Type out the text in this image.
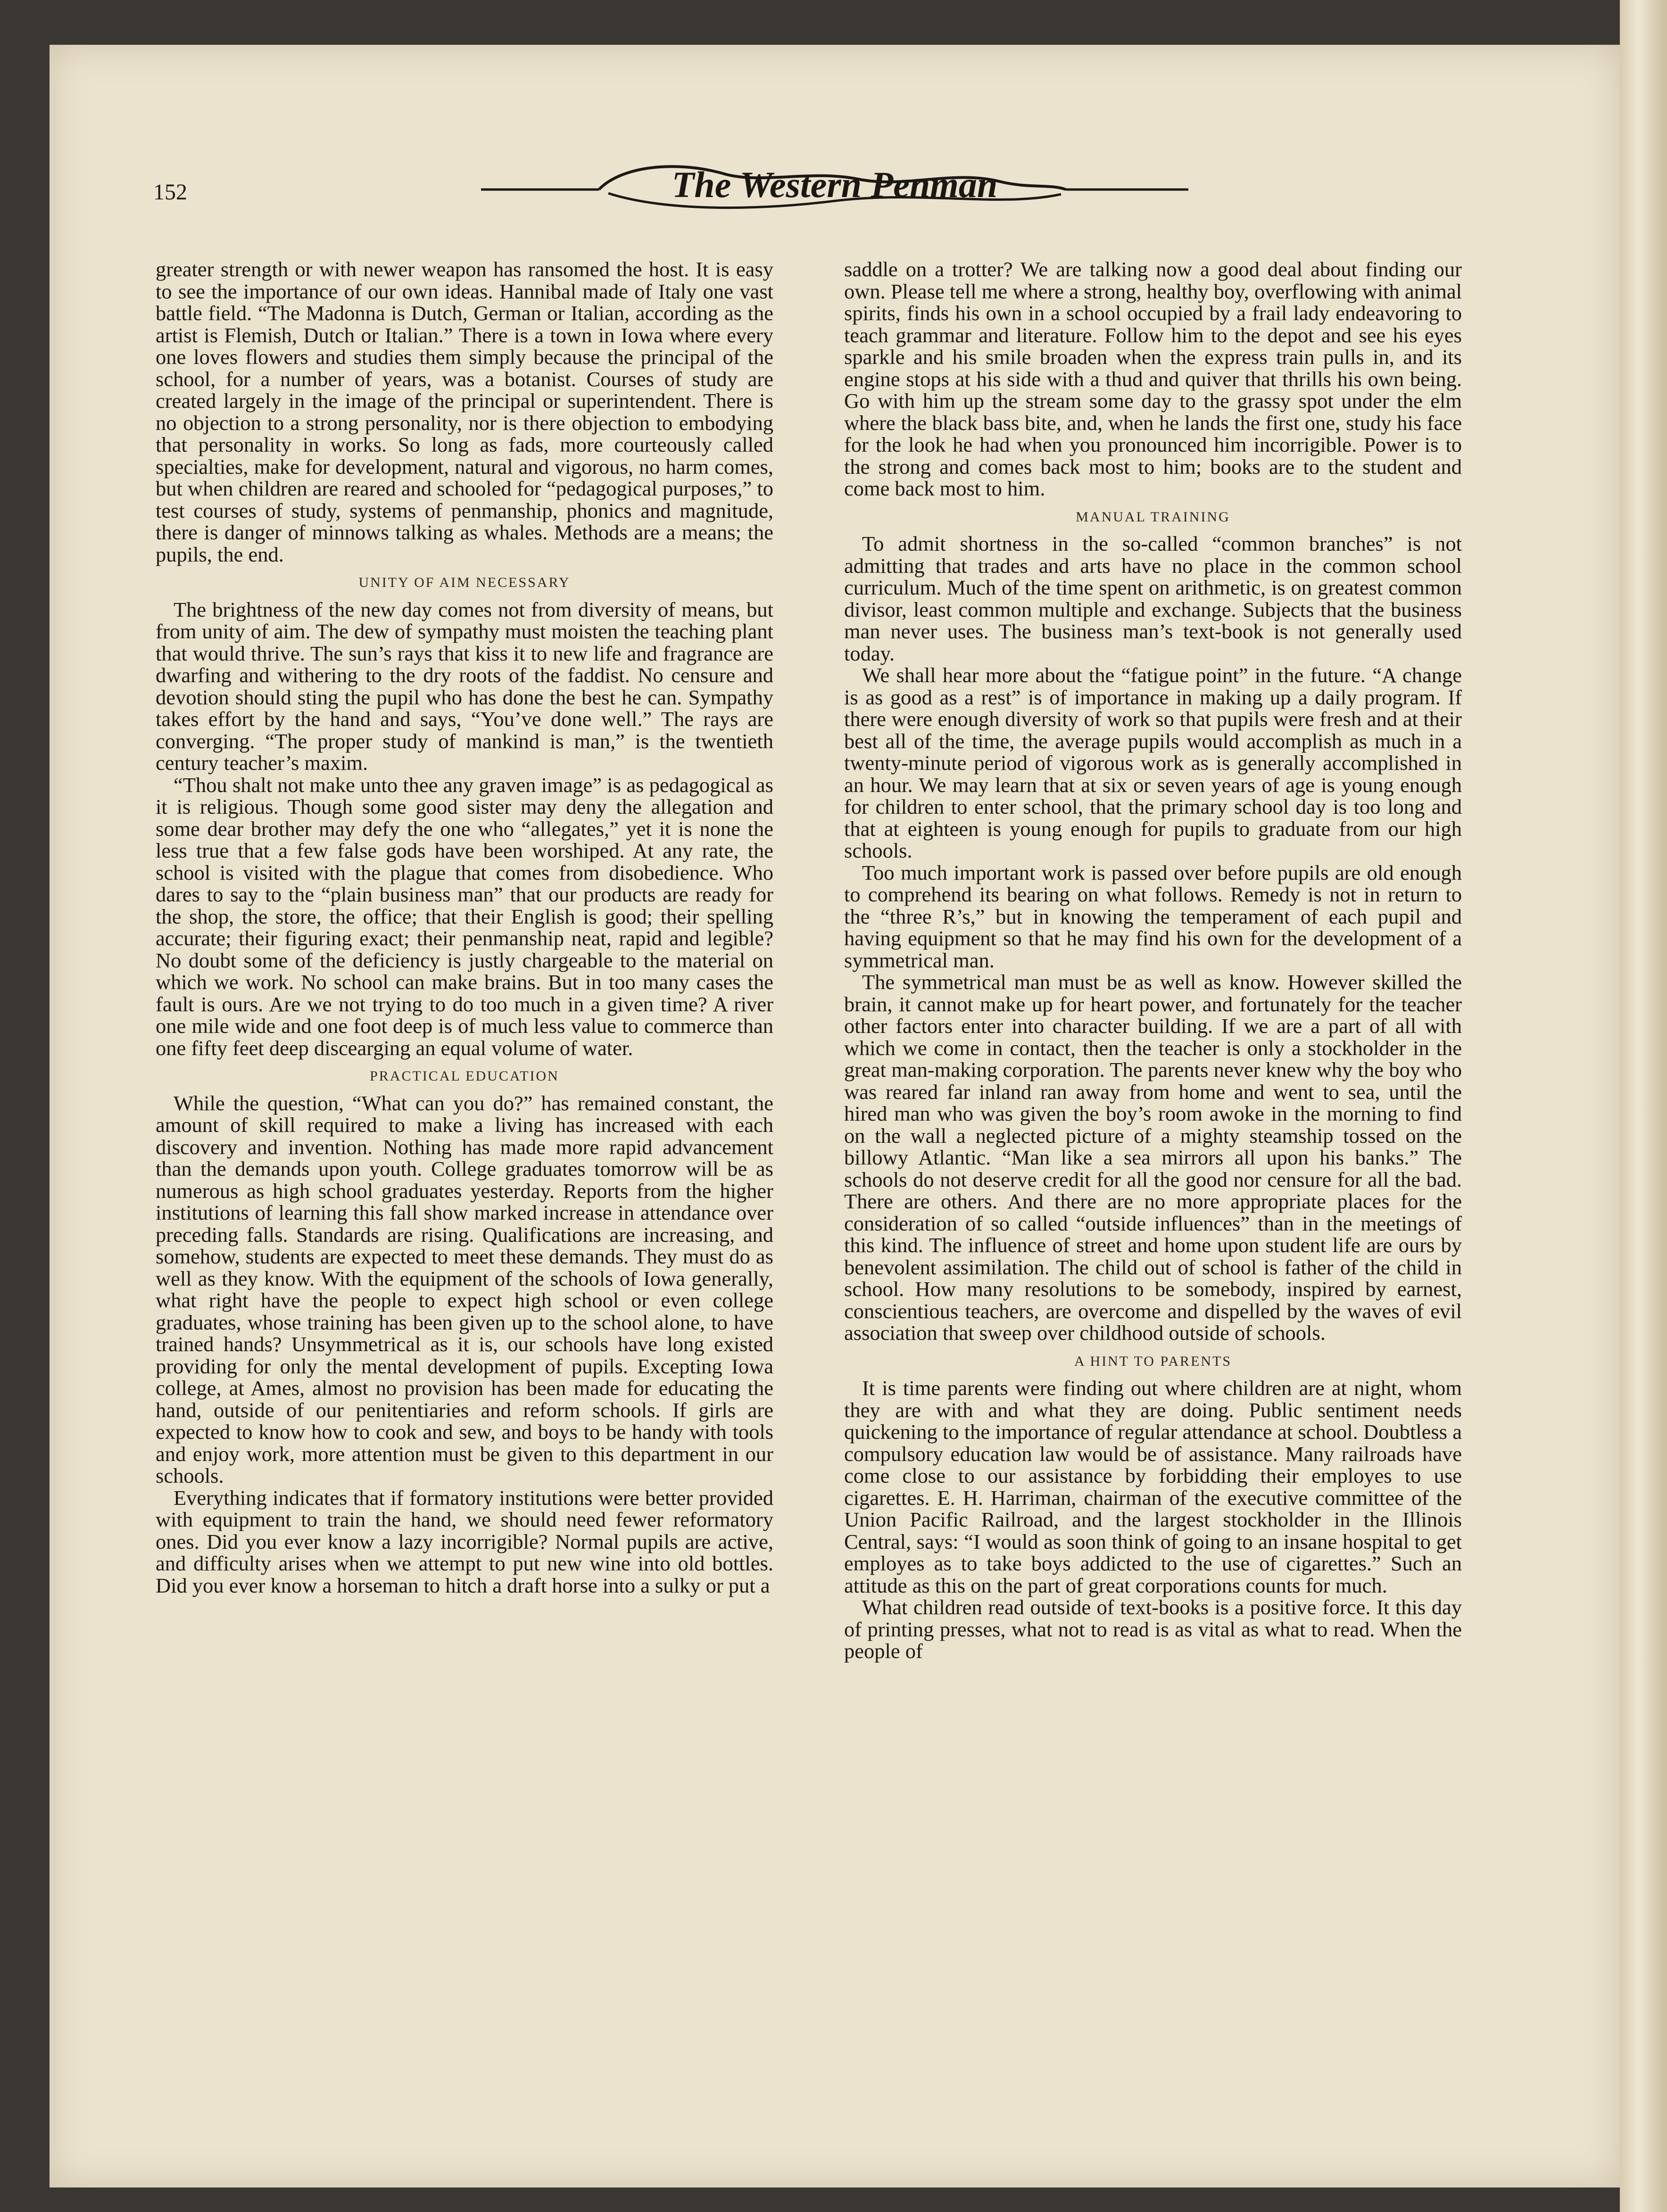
152	The Western Penman

greater strength or with newer weapon has ransomed the host. It is easy to see the importance of our own ideas. Hannibal made of Italy one vast battle field. “The Madonna is Dutch, German or Italian, according as the artist is Flemish, Dutch or Italian.” There is a town in Iowa where every one loves flowers and studies them simply because the principal of the school, for a number of years, was a botanist. Courses of study are created largely in the image of the principal or superintendent. There is no objection to a strong personality, nor is there objection to embodying that personality in works. So long as fads, more courteously called specialties, make for development, natural and vigorous, no harm comes, but when children are reared and schooled for “pedagogical purposes,” to test courses of study, systems of penmanship, phonics and magnitude, there is danger of minnows talking as whales. Methods are a means; the pupils, the end.

UNITY OF AIM NECESSARY

The brightness of the new day comes not from diversity of means, but from unity of aim. The dew of sympathy must moisten the teaching plant that would thrive. The sun’s rays that kiss it to new life and fragrance are dwarfing and withering to the dry roots of the faddist. No censure and devotion should sting the pupil who has done the best he can. Sympathy takes effort by the hand and says, “You’ve done well.” The rays are converging. “The proper study of mankind is man,” is the twentieth century teacher’s maxim.

“Thou shalt not make unto thee any graven image” is as pedagogical as it is religious. Though some good sister may deny the allegation and some dear brother may defy the one who “allegates,” yet it is none the less true that a few false gods have been worshiped. At any rate, the school is visited with the plague that comes from disobedience. Who dares to say to the “plain business man” that our products are ready for the shop, the store, the office; that their English is good; their spelling accurate; their figuring exact; their penmanship neat, rapid and legible? No doubt some of the deficiency is justly chargeable to the material on which we work. No school can make brains. But in too many cases the fault is ours. Are we not trying to do too much in a given time? A river one mile wide and one foot deep is of much less value to commerce than one fifty feet deep discearging an equal volume of water.

PRACTICAL EDUCATION

While the question, “What can you do?” has remained constant, the amount of skill required to make a living has increased with each discovery and invention. Nothing has made more rapid advancement than the demands upon youth. College graduates tomorrow will be as numerous as high school graduates yesterday. Reports from the higher institutions of learning this fall show marked increase in attendance over preceding falls. Standards are rising. Qualifications are increasing, and somehow, students are expected to meet these demands. They must do as well as they know. With the equipment of the schools of Iowa generally, what right have the people to expect high school or even college graduates, whose training has been given up to the school alone, to have trained hands? Unsymmetrical as it is, our schools have long existed providing for only the mental development of pupils. Excepting Iowa college, at Ames, almost no provision has been made for educating the hand, outside of our penitentiaries and reform schools. If girls are expected to know how to cook and sew, and boys to be handy with tools and enjoy work, more attention must be given to this department in our schools.

Everything indicates that if formatory institutions were better provided with equipment to train the hand, we should need fewer reformatory ones. Did you ever know a lazy incorrigible? Normal pupils are active, and difficulty arises when we attempt to put new wine into old bottles. Did you ever know a horseman to hitch a draft horse into a sulky or put a

saddle on a trotter? We are talking now a good deal about finding our own. Please tell me where a strong, healthy boy, overflowing with animal spirits, finds his own in a school occupied by a frail lady endeavoring to teach grammar and literature. Follow him to the depot and see his eyes sparkle and his smile broaden when the express train pulls in, and its engine stops at his side with a thud and quiver that thrills his own being. Go with him up the stream some day to the grassy spot under the elm where the black bass bite, and, when he lands the first one, study his face for the look he had when you pronounced him incorrigible. Power is to the strong and comes back most to him; books are to the student and come back most to him.

MANUAL TRAINING

To admit shortness in the so-called “common branches” is not admitting that trades and arts have no place in the common school curriculum. Much of the time spent on arithmetic, is on greatest common divisor, least common multiple and exchange. Subjects that the business man never uses. The business man’s text-book is not generally used today.

We shall hear more about the “fatigue point” in the future. “A change is as good as a rest” is of importance in making up a daily program. If there were enough diversity of work so that pupils were fresh and at their best all of the time, the average pupils would accomplish as much in a twenty-minute period of vigorous work as is generally accomplished in an hour. We may learn that at six or seven years of age is young enough for children to enter school, that the primary school day is too long and that at eighteen is young enough for pupils to graduate from our high schools.

Too much important work is passed over before pupils are old enough to comprehend its bearing on what follows. Remedy is not in return to the “three R’s,” but in knowing the temperament of each pupil and having equipment so that he may find his own for the development of a symmetrical man.

The symmetrical man must be as well as know. However skilled the brain, it cannot make up for heart power, and fortunately for the teacher other factors enter into character building. If we are a part of all with which we come in contact, then the teacher is only a stockholder in the great man-making corporation. The parents never knew why the boy who was reared far inland ran away from home and went to sea, until the hired man who was given the boy’s room awoke in the morning to find on the wall a neglected picture of a mighty steamship tossed on the billowy Atlantic. “Man like a sea mirrors all upon his banks.” The schools do not deserve credit for all the good nor censure for all the bad. There are others. And there are no more appropriate places for the consideration of so called “outside influences” than in the meetings of this kind. The influence of street and home upon student life are ours by benevolent assimilation. The child out of school is father of the child in school. How many resolutions to be somebody, inspired by earnest, conscientious teachers, are overcome and dispelled by the waves of evil association that sweep over childhood outside of schools.

A HINT TO PARENTS

It is time parents were finding out where children are at night, whom they are with and what they are doing. Public sentiment needs quickening to the importance of regular attendance at school. Doubtless a compulsory education law would be of assistance. Many railroads have come close to our assistance by forbidding their employes to use cigarettes. E. H. Harriman, chairman of the executive committee of the Union Pacific Railroad, and the largest stockholder in the Illinois Central, says: “I would as soon think of going to an insane hospital to get employes as to take boys addicted to the use of cigarettes.” Such an attitude as this on the part of great corporations counts for much.

What children read outside of text-books is a positive force. It this day of printing presses, what not to read is as vital as what to read. When the people of
